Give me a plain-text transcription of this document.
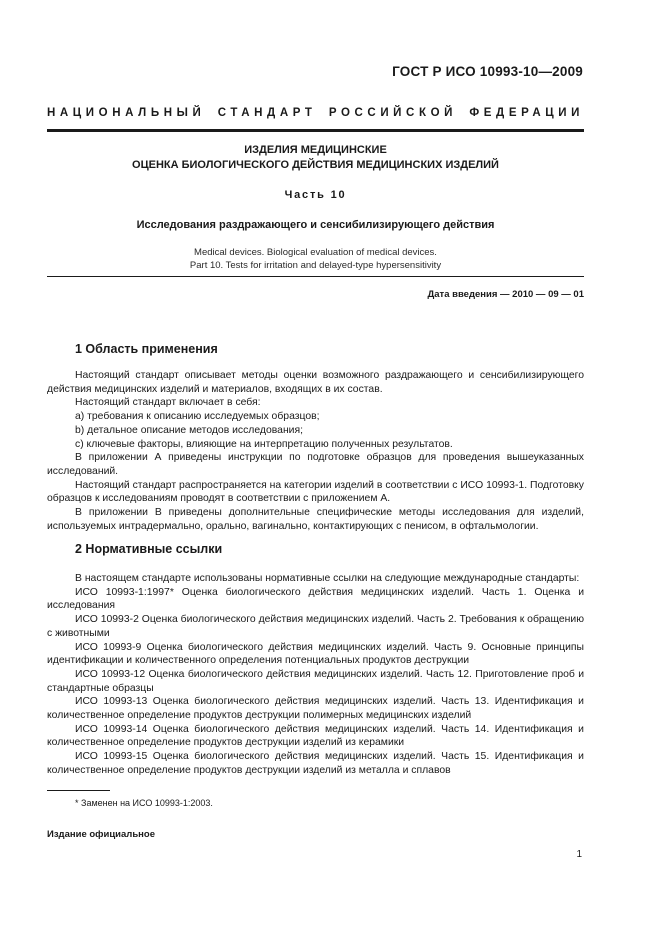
ГОСТ Р ИСО 10993-10—2009
НАЦИОНАЛЬНЫЙ СТАНДАРТ РОССИЙСКОЙ ФЕДЕРАЦИИ
ИЗДЕЛИЯ МЕДИЦИНСКИЕ
ОЦЕНКА БИОЛОГИЧЕСКОГО ДЕЙСТВИЯ МЕДИЦИНСКИХ ИЗДЕЛИЙ
Часть 10
Исследования раздражающего и сенсибилизирующего действия
Medical devices. Biological evaluation of medical devices.
Part 10. Tests for irritation and delayed-type hypersensitivity
Дата введения — 2010 — 09 — 01
1 Область применения

Настоящий стандарт описывает методы оценки возможного раздражающего и сенсибилизирующего действия медицинских изделий и материалов, входящих в их состав.

Настоящий стандарт включает в себя:

a) требования к описанию исследуемых образцов;

b) детальное описание методов исследования;

c) ключевые факторы, влияющие на интерпретацию полученных результатов.

В приложении А приведены инструкции по подготовке образцов для проведения вышеуказанных исследований.

Настоящий стандарт распространяется на категории изделий в соответствии с ИСО 10993-1. Подготовку образцов к исследованиям проводят в соответствии с приложением А.

В приложении В приведены дополнительные специфические методы исследования для изделий, используемых интрадермально, орально, вагинально, контактирующих с пенисом, в офтальмологии.

2 Нормативные ссылки

В настоящем стандарте использованы нормативные ссылки на следующие международные стандарты:

ИСО 10993-1:1997* Оценка биологического действия медицинских изделий. Часть 1. Оценка и исследования

ИСО 10993-2 Оценка биологического действия медицинских изделий. Часть 2. Требования к обращению с животными

ИСО 10993-9 Оценка биологического действия медицинских изделий. Часть 9. Основные принципы идентификации и количественного определения потенциальных продуктов деструкции

ИСО 10993-12 Оценка биологического действия медицинских изделий. Часть 12. Приготовление проб и стандартные образцы

ИСО 10993-13 Оценка биологического действия медицинских изделий. Часть 13. Идентификация и количественное определение продуктов деструкции полимерных медицинских изделий

ИСО 10993-14 Оценка биологического действия медицинских изделий. Часть 14. Идентификация и количественное определение продуктов деструкции изделий из керамики

ИСО 10993-15 Оценка биологического действия медицинских изделий. Часть 15. Идентификация и количественное определение продуктов деструкции изделий из металла и сплавов

* Заменен на ИСО 10993-1:2003.
Издание официальное
1
